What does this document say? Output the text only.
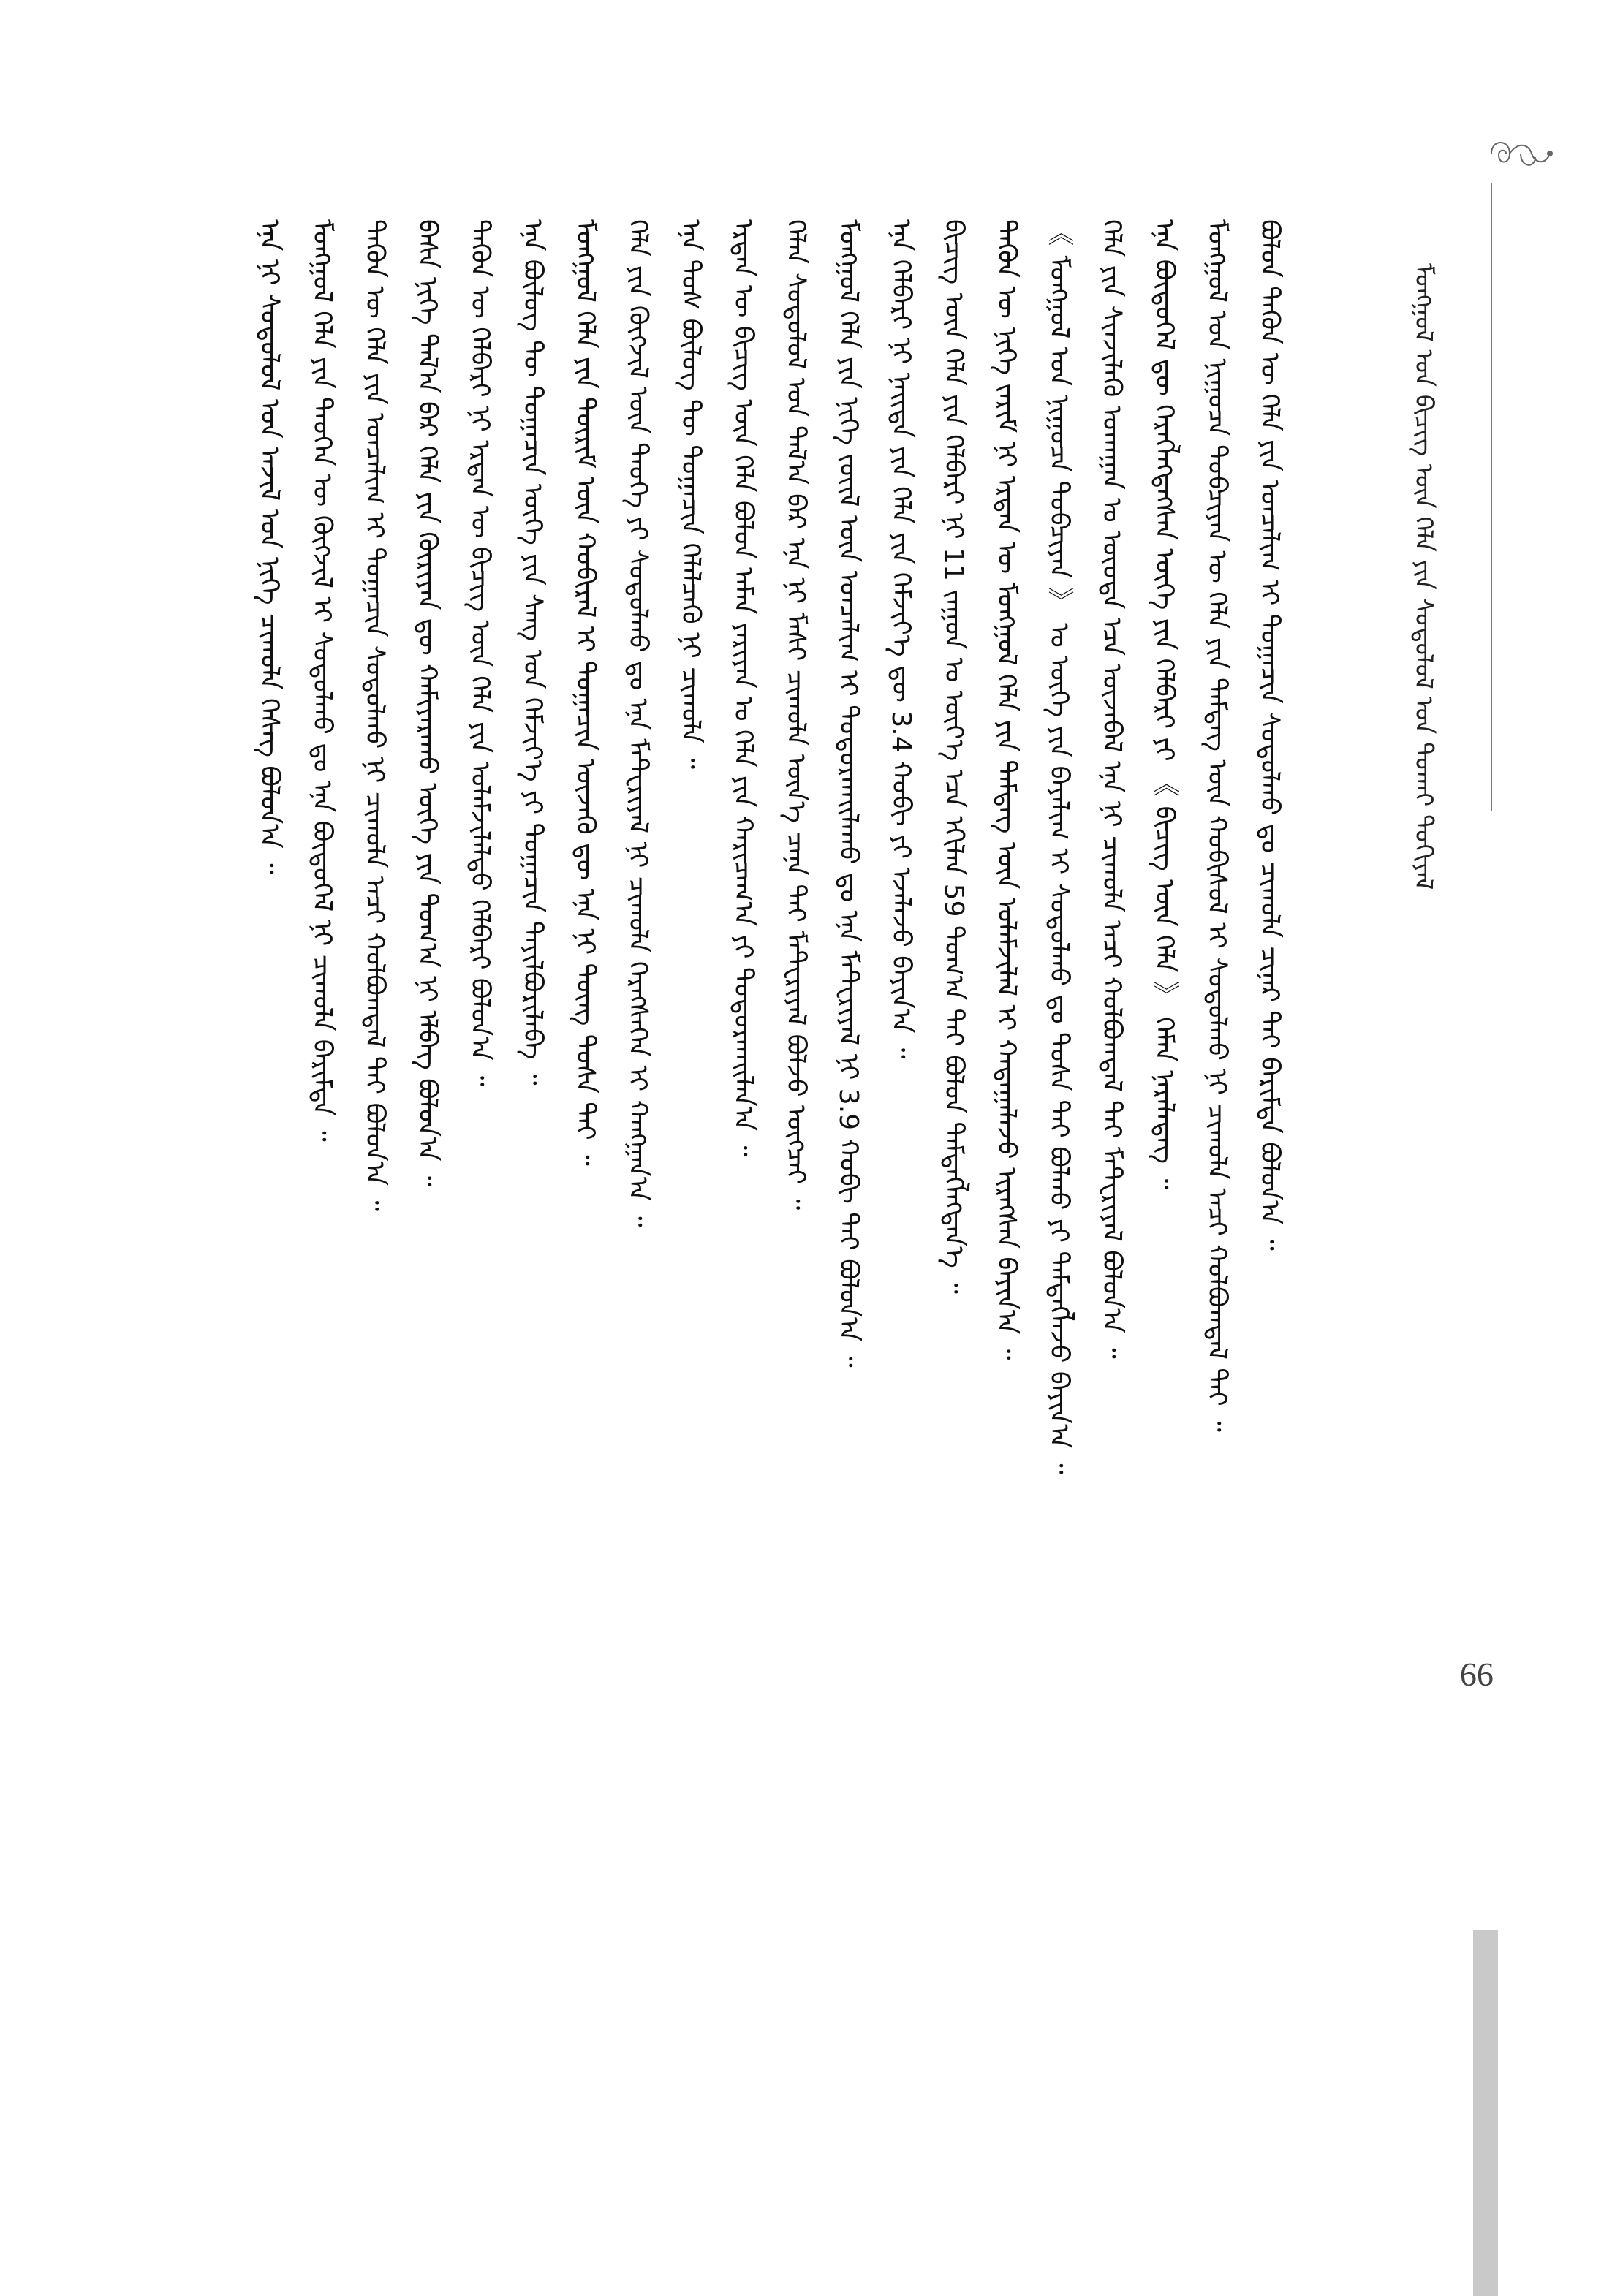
ᠮᠣᠩᠭᠣᠯ ᠤᠨ ᠪᠢᠴᠢᠭ ᠦᠨ ᠬᠡᠯᠡ ᠶᠢᠨ ᠰᠤᠳᠤᠯᠤᠯ ᠤᠨ ᠲᠤᠬᠠᠢ ᠳᠣᠬᠢᠶᠠᠯ
ᠡᠨᠡ ᠨᠢ ᠰᠤᠳᠤᠯᠤᠯ ᠤᠨ ᠠᠵᠢᠯ ᠤᠨ ᠨᠢᠭᠡ ᠴᠢᠬᠤᠯᠠ ᠬᠡᠰᠡᠭ ᠪᠣᠯᠤᠨ᠎ᠠ ᠃ ᠮᠣᠩᠭᠣᠯ ᠬᠡᠯᠡ ᠶᠢᠨ ᠲᠡᠦᠬᠡᠨ ᠦ ᠬᠥᠭᠵᠢᠯ ᠢ ᠰᠤᠳᠤᠯᠬᠤ ᠳᠤ ᠡᠨᠡ ᠪᠦᠲᠦᠭᠡᠯ ᠨᠢ ᠴᠢᠬᠤᠯᠠ ᠪᠠᠷᠢᠮᠲᠠ ᠃ ᠲᠡᠭᠦᠨ ᠦ ᠬᠡᠯᠡ ᠶᠢᠨ ᠣᠨᠴᠠᠯᠢᠭ ᠢ ᠲᠣᠭᠠᠴᠢᠨ ᠰᠤᠳᠤᠯᠬᠤ ᠨᠢ ᠴᠢᠬᠤᠯᠠ ᠠᠴᠢ ᠬᠣᠯᠪᠣᠭᠳᠠᠯ ᠲᠠᠢ ᠪᠣᠯᠤᠨ᠎ᠠ ᠃ ᠪᠠᠰᠠ ᠨᠢᠭᠡ ᠲᠠᠯ᠎ᠠ ᠪᠡᠷ ᠬᠡᠯᠡ ᠶᠢᠨ ᠬᠦᠷᠢᠶᠡᠨ ᠳᠦ ᠬᠠᠮᠢᠶᠠᠷᠠᠬᠤ ᠦᠭᠡ ᠶᠢᠨ ᠲᠣᠭ᠎ᠠ ᠨᠢ ᠡᠯᠪᠡᠭ ᠪᠣᠯᠤᠨ᠎ᠠ ᠃ ᠲᠡᠭᠦᠨ ᠦ ᠬᠡᠯᠪᠡᠷᠢ ᠨᠢ ᠡᠷᠲᠡᠨ ᠦ ᠪᠢᠴᠢᠭ ᠦᠨ ᠬᠡᠯᠡ ᠶᠢᠨ ᠤᠯᠠᠮᠵᠢᠯᠠᠯᠲᠤ ᠬᠡᠯᠪᠡᠷᠢ ᠪᠣᠯᠤᠨ᠎ᠠ ᠃ ᠡᠨᠡ ᠪᠦᠯᠦᠭ ᠲᠦ ᠲᠣᠭᠠᠴᠢᠨ ᠦᠭᠡ ᠶᠢᠨ ᠰᠠᠩ ᠤᠨ ᠬᠡᠮᠵᠢᠶ᠎ᠡ ᠶᠢ ᠲᠣᠭᠠᠴᠢᠨ ᠲᠠᠶᠢᠯᠪᠤᠷᠢᠯᠠᠪᠠ ᠃ ᠮᠣᠩᠭᠣᠯ ᠬᠡᠯᠡ ᠶᠢᠨ ᠳᠦᠷᠢᠮ ᠦᠨ ᠬᠤᠪᠢᠷᠠᠯ ᠢ ᠲᠣᠭᠠᠴᠢᠨ ᠦᠵᠡᠬᠦ ᠳᠦ ᠡᠨᠡ ᠨᠢ ᠳᠦᠩ ᠲᠤᠰᠠ ᠲᠠᠢ ᠃ ᠬᠡᠯᠡ ᠶᠢᠨ ᠬᠥᠭᠵᠢᠯ ᠦᠨ ᠲᠡᠦᠬᠡ ᠶᠢ ᠰᠤᠳᠤᠯᠬᠤ ᠳᠤ ᠡᠨᠡ ᠮᠠᠲᠧᠷᠢᠶᠠᠯ ᠨᠢ ᠴᠢᠬᠤᠯᠠ ᠬᠡᠷᠡᠭᠰᠡᠭᠡᠨ ᠢ ᠬᠠᠩᠭᠠᠨ᠎ᠠ ᠃ ᠡᠨᠡ ᠲᠤᠰ ᠪᠦᠯᠦᠭ ᠲᠦ ᠲᠣᠭᠠᠴᠢᠨ ᠬᠡᠯᠡᠯᠴᠡᠬᠦ ᠨᠢ ᠴᠢᠬᠤᠯᠠ ᠃ ᠡᠷᠲᠡᠨ ᠦ ᠪᠢᠴᠢᠭ ᠦᠨ ᠬᠡᠯᠡ ᠪᠣᠯᠤᠨ ᠠᠮᠠᠨ ᠶᠠᠷᠢᠶᠠᠨ ᠤ ᠬᠡᠯᠡ ᠶᠢᠨ ᠬᠠᠷᠢᠴᠠᠭ᠎ᠠ ᠶᠢ ᠲᠣᠳᠣᠷᠬᠠᠢᠯᠠᠨ᠎ᠠ ᠃ ᠬᠡᠯᠡᠨ ᠰᠤᠳᠤᠯᠤᠯ ᠤᠨ ᠲᠠᠯ᠎ᠠ ᠪᠡᠷ ᠡᠨᠡ ᠨᠢ ᠮᠠᠰᠢ ᠴᠢᠬᠤᠯᠠ ᠦᠨ᠎ᠡ ᠴᠡᠨᠡ ᠲᠠᠢ ᠮᠠᠲᠧᠷᠢᠶᠠᠯ ᠪᠣᠯᠵᠤ ᠥᠭᠴᠡᠢ ᠃ ᠮᠣᠩᠭᠣᠯ ᠬᠡᠯᠡ ᠶᠢᠨ ᠨᠢᠭᠡ ᠵᠦᠢᠯ ᠦᠨ ᠣᠨᠴᠠᠯᠢᠭ ᠢ ᠲᠣᠳᠣᠷᠬᠠᠢᠯᠠᠬᠤ ᠳᠤ ᠡᠨᠡ ᠮᠠᠲᠧᠷᠢᠶᠠᠯ ᠨᠢ 3.9 ᠬᠤᠪᠢ ᠲᠠᠢ ᠪᠣᠯᠤᠨ᠎ᠠ ᠃ ᠡᠨᠡ ᠬᠡᠯᠪᠡᠷᠢ ᠨᠢ ᠨᠡᠢᠲᠡ ᠶᠢᠨ ᠬᠡᠯᠡ ᠶᠢᠨ ᠬᠡᠮᠵᠢᠶ᠎ᠡ ᠳᠦ 3.4 ᠬᠤᠪᠢ ᠶᠢ ᠡᠵᠡᠯᠡᠵᠦ ᠪᠠᠶᠢᠨ᠎ᠠ ᠃ ᠪᠢᠴᠢᠭ ᠦᠨ ᠬᠡᠯᠡ ᠶᠢᠨ ᠬᠡᠯᠪᠡᠷᠢ ᠨᠢ 11 ᠵᠠᠭᠤᠨ ᠤ ᠦᠶ᠎ᠡ ᠡᠴᠡ ᠡᠬᠢᠯᠡᠨ 59 ᠲᠣᠭ᠎ᠠ ᠲᠠᠢ ᠪᠣᠯᠤᠨ ᠲᠡᠮᠳᠡᠭᠯᠡᠭᠳᠡᠨ᠎ᠡ ᠃ ᠲᠡᠭᠦᠨ ᠦ ᠨᠢᠭᠡ ᠵᠠᠷᠢᠮ ᠨᠢ ᠡᠷᠲᠡᠨ ᠦ ᠮᠣᠩᠭᠣᠯ ᠬᠡᠯᠡ ᠶᠢᠨ ᠲᠡᠮᠳᠡᠭ ᠦᠨ ᠤᠯᠠᠮᠵᠢᠯᠠᠯ ᠢ ᠬᠠᠳᠠᠭᠠᠯᠠᠵᠤ ᠢᠷᠡᠭᠰᠡᠨ ᠪᠠᠶᠢᠨ᠎ᠠ ᠃ 《 ᠮᠣᠩᠭᠣᠯ ᠤᠨ ᠨᠢᠭᠤᠴᠠ ᠲᠣᠪᠴᠢᠶᠠᠨ 》 ᠤ ᠦᠭᠡ ᠶᠢᠨ ᠪᠠᠶᠠᠯᠢᠭ ᠢ ᠰᠤᠳᠤᠯᠬᠤ ᠳᠤ ᠲᠤᠰᠠ ᠲᠠᠢ ᠪᠣᠯᠬᠤ ᠶᠢ ᠲᠡᠮᠳᠡᠭᠯᠡᠵᠦ ᠪᠠᠶᠢᠨ᠎ᠠ ᠃ ᠬᠡᠯᠡ ᠶᠢᠨ ᠰᠢᠨᠵᠢᠯᠡᠬᠦ ᠤᠬᠠᠭᠠᠨ ᠤ ᠦᠦᠳᠡ ᠡᠴᠡ ᠦᠵᠡᠪᠡᠯ ᠡᠨᠡ ᠨᠢ ᠴᠢᠬᠤᠯᠠ ᠠᠴᠢ ᠬᠣᠯᠪᠣᠭᠳᠠᠯ ᠲᠠᠢ ᠮᠠᠲᠧᠷᠢᠶᠠᠯ ᠪᠣᠯᠤᠨ᠎ᠠ ᠃ ᠡᠨᠡ ᠪᠦᠲᠦᠭᠡᠯ ᠳᠦ ᠬᠡᠷᠡᠭᠯᠡᠭᠳᠡᠭᠰᠡᠨ ᠦᠭᠡ ᠶᠢᠨ ᠬᠡᠯᠪᠡᠷᠢ ᠶᠢ 《 ᠪᠢᠴᠢᠭ ᠦᠨ ᠬᠡᠯᠡ 》 ᠬᠡᠮᠡᠨ ᠨᠡᠷᠡᠯᠡᠳᠡᠭ ᠃ ᠮᠣᠩᠭᠣᠯ ᠤᠨ ᠨᠢᠭᠤᠴᠠ ᠲᠣᠪᠴᠢᠶᠠᠨ ᠦ ᠬᠡᠯᠡ ᠶᠢᠨ ᠲᠡᠮᠳᠡᠭ ᠦᠨ ᠬᠤᠪᠢᠰᠤᠯ ᠢ ᠰᠤᠳᠤᠯᠬᠤ ᠨᠢ ᠴᠢᠬᠤᠯᠠ ᠠᠴᠢ ᠬᠣᠯᠪᠣᠭᠳᠠᠯ ᠲᠠᠢ ᠃ ᠪᠣᠯᠤᠨ ᠲᠡᠭᠦᠨ ᠦ ᠬᠡᠯᠡ ᠶᠢᠨ ᠣᠨᠴᠠᠯᠢᠭ ᠢ ᠲᠣᠭᠠᠴᠢᠨ ᠰᠤᠳᠤᠯᠬᠤ ᠳᠤ ᠴᠢᠬᠤᠯᠠ ᠴᠢᠨᠠᠷ ᠲᠠᠢ ᠪᠠᠷᠢᠮᠲᠠ ᠪᠣᠯᠤᠨ᠎ᠠ ᠃
99
